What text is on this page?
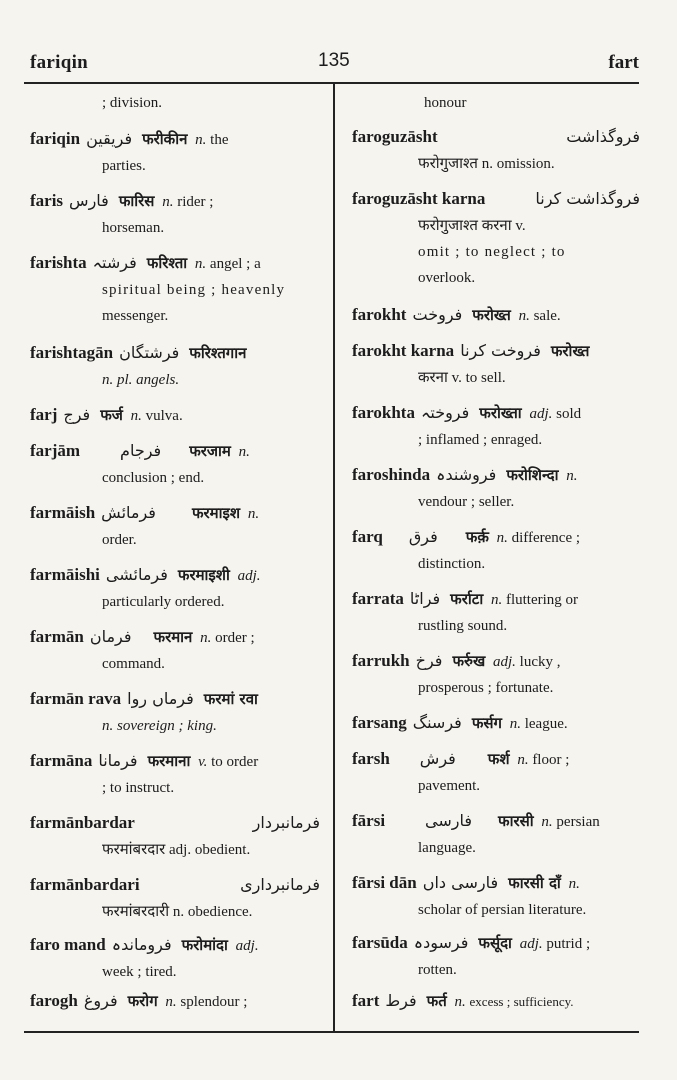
fariqin	135	fart
; division.
fariqin فریقین फरीकीन n. the
parties.
faris فارس फारिस n. rider ;
horseman.
farishta فرشتہ फरिश्ता n. angel ; a
spiritual being ; heavenly
messenger.
farishtagān فرشتگان फरिश्तगान
n. pl. angels.
farj فرج फर्ज n. vulva.
farjām	فرجام फरजाम n.
conclusion ; end.
farmāish فرمائش फरमाइश n.
order.
farmāishi فرمائشی फरमाइशी adj.
particularly ordered.
farmān فرمان फरमान n. order ;
command.
farmān rava فرماں روا फरमां रवा
n. sovereign ; king.
farmāna فرمانا फरमाना v. to order
; to instruct.
farmānbardar	فرمانبردار
फरमांबरदार adj. obedient.
farmānbardari	فرمانبرداری
फरमांबरदारी n. obedience.
faro mand فروماندہ फरोमांदा adj.
week ; tired.
farogh فروغ फरोग n. splendour ;
honour
faroguzāsht	فروگذاشت
फरोगुजाश्त n. omission.
faroguzāsht karna	فروگذاشت کرنا
फरोगुजाश्त करना v.
omit ; to neglect ; to
overlook.
farokht فروخت फरोख्त n. sale.
farokht karna فروخت کرنا फरोख्त
करना v. to sell.
farokhta فروختہ फरोख्ता adj. sold
; inflamed ; enraged.
faroshinda فروشندہ फरोशिन्दा n.
vendour ; seller.
farq فرق फर्क़ n. difference ;
distinction.
farrata فراٹا फर्राटा n. fluttering or
rustling sound.
farrukh فرخ फर्रुख adj. lucky ,
prosperous ; fortunate.
farsang فرسنگ फर्सग n. league.
farsh فرش फर्श n. floor ;
pavement.
fārsi	فارسی फारसी n. persian
language.
fārsi dān فارسی داں फारसी दाँ n.
scholar of persian literature.
farsūda فرسودہ फर्सूदा adj. putrid ;
rotten.
fart فرط फर्त n. excess ; sufficiency.
